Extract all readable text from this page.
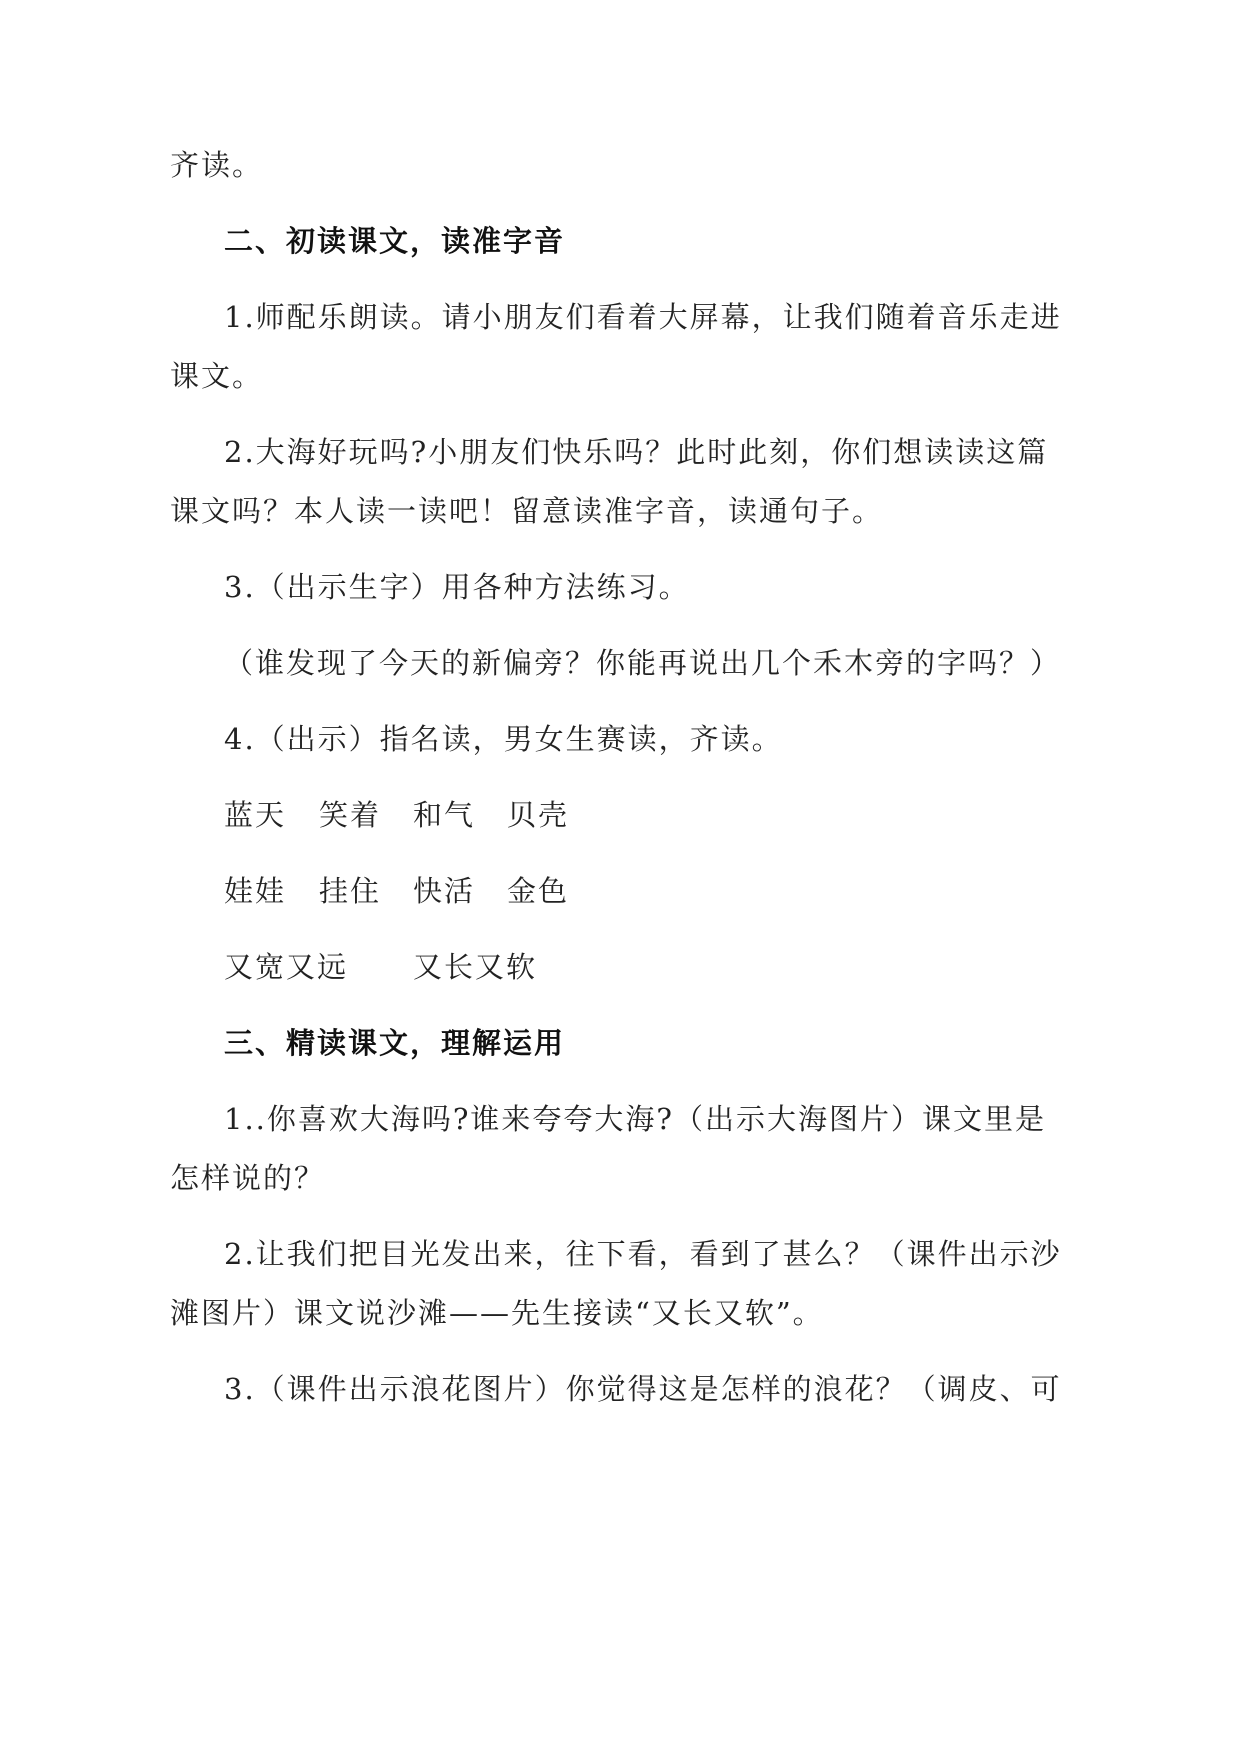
齐读。
二、初读课文，读准字音
1.师配乐朗读。请小朋友们看着大屏幕，让我们随着音乐走进
课文。
2.大海好玩吗?小朋友们快乐吗？此时此刻，你们想读读这篇
课文吗？本人读一读吧！留意读准字音，读通句子。
3.（出示生字）用各种方法练习。
（谁发现了今天的新偏旁？你能再说出几个禾木旁的字吗？）
4.（出示）指名读，男女生赛读，齐读。
蓝天 笑着 和气 贝壳
娃娃 挂住 快活 金色
又宽又远 又长又软
三、精读课文，理解运用
1..你喜欢大海吗?谁来夸夸大海?（出示大海图片）课文里是
怎样说的？
2.让我们把目光发出来，往下看，看到了甚么？（课件出示沙
滩图片）课文说沙滩——先生接读“又长又软”。
3.（课件出示浪花图片）你觉得这是怎样的浪花？（调皮、可
